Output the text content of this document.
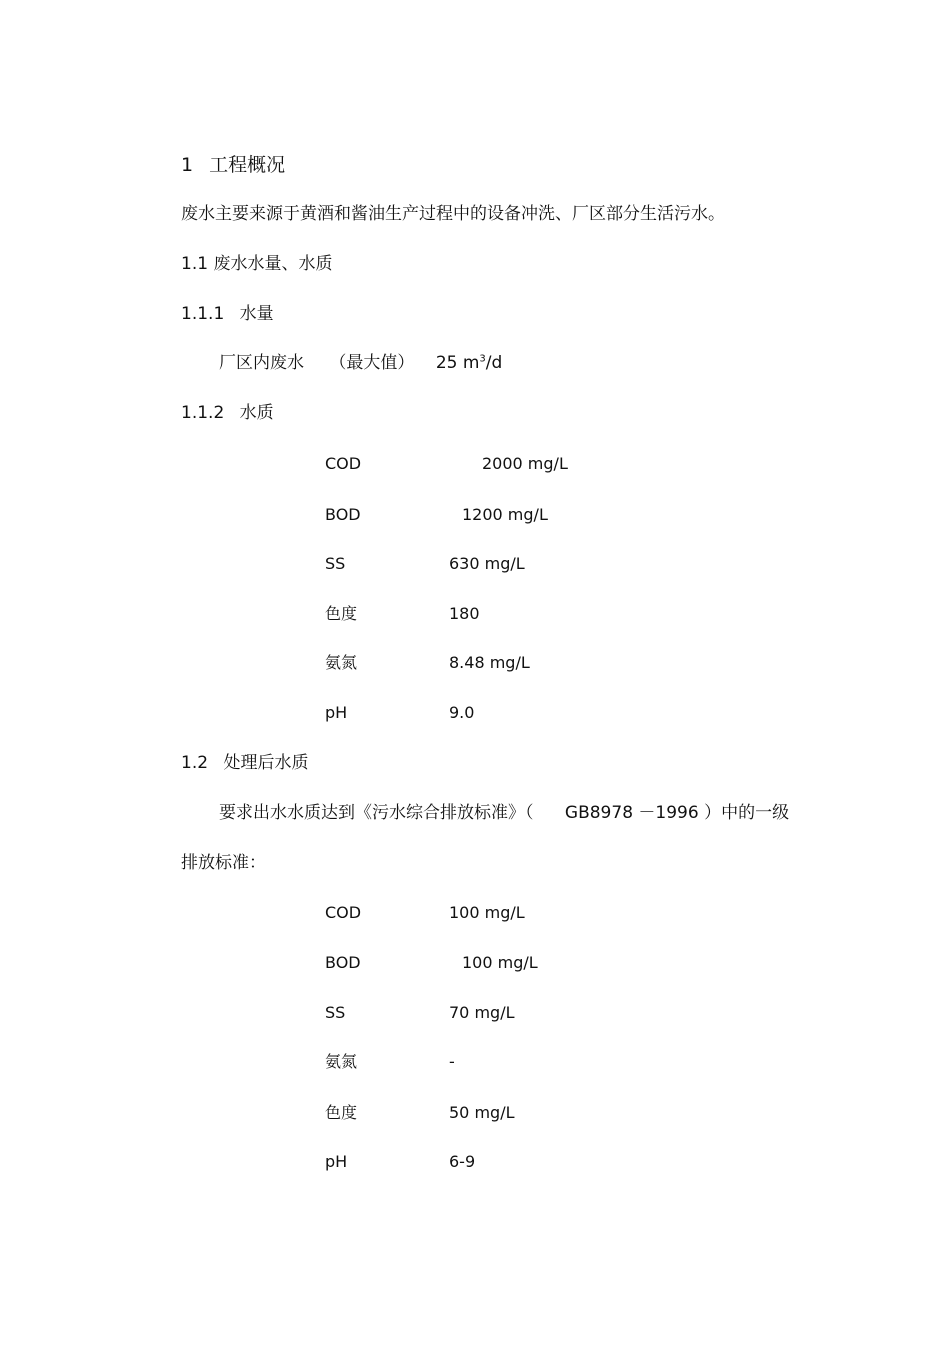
1 工程概况
废水主要来源于黄酒和酱油生产过程中的设备冲洗、厂区部分生活污水。
1.1 废水水量、水质
1.1.1 水量
厂区内废水 （最大值） 25 $m^3/d$
1.1.2 水质
COD	2000 mg/L
BOD	1200 mg/L
SS	630 mg/L
色度	180
氨氮	8.48 mg/L
pH	9.0
1.2 处理后水质
要求出水水质达到《污水综合排放标准》（ GB8978 －1996 ）中的一级
排放标准：
COD	100 mg/L
BOD	100 mg/L
SS	70 mg/L
氨氮	-
色度	50 mg/L
pH	6-9
